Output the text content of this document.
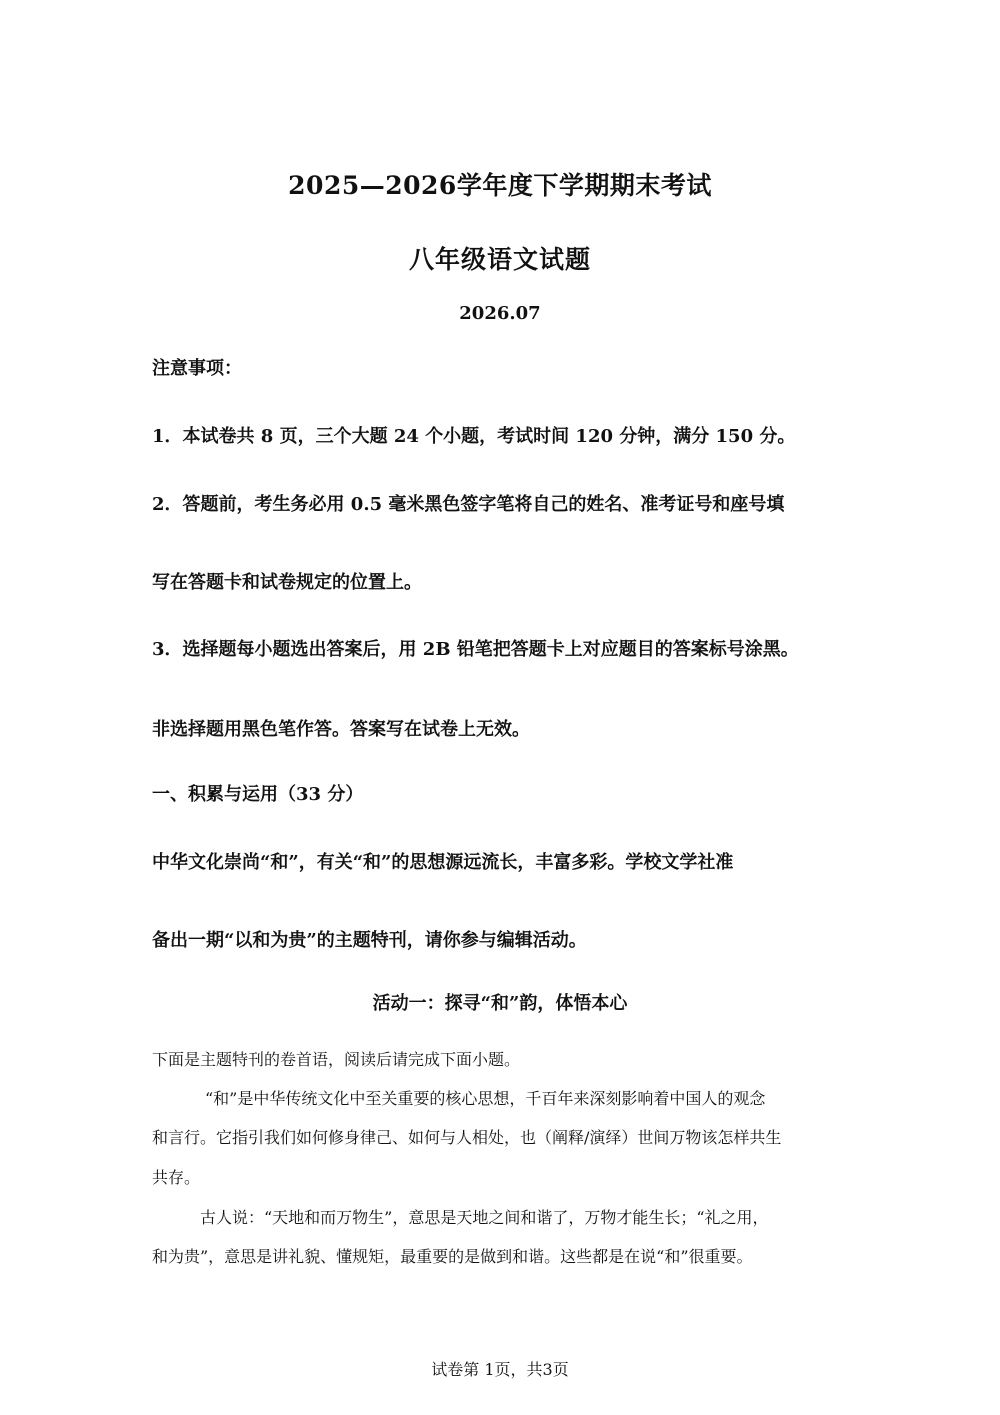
2025—2026学年度下学期期末考试
八年级语文试题
2026.07
注意事项：
1．本试卷共 8 页，三个大题 24 个小题，考试时间 120 分钟，满分 150 分。
2．答题前，考生务必用 0.5 毫米黑色签字笔将自己的姓名、准考证号和座号填
写在答题卡和试卷规定的位置上。
3．选择题每小题选出答案后，用 2B 铅笔把答题卡上对应题目的答案标号涂黑。
非选择题用黑色笔作答。答案写在试卷上无效。
一、积累与运用（33 分）
中华文化崇尚“和”，有关“和”的思想源远流长，丰富多彩。学校文学社准
备出一期“以和为贵”的主题特刊，请你参与编辑活动。
活动一：探寻“和”韵，体悟本心
下面是主题特刊的卷首语，阅读后请完成下面小题。
“和”是中华传统文化中至关重要的核心思想，千百年来深刻影响着中国人的观念
和言行。它指引我们如何修身律己、如何与人相处，也（阐释/演绎）世间万物该怎样共生
共存。
古人说：“天地和而万物生”，意思是天地之间和谐了，万物才能生长；“礼之用，
和为贵”，意思是讲礼貌、懂规矩，最重要的是做到和谐。这些都是在说“和”很重要。
试卷第 1页，共3页
